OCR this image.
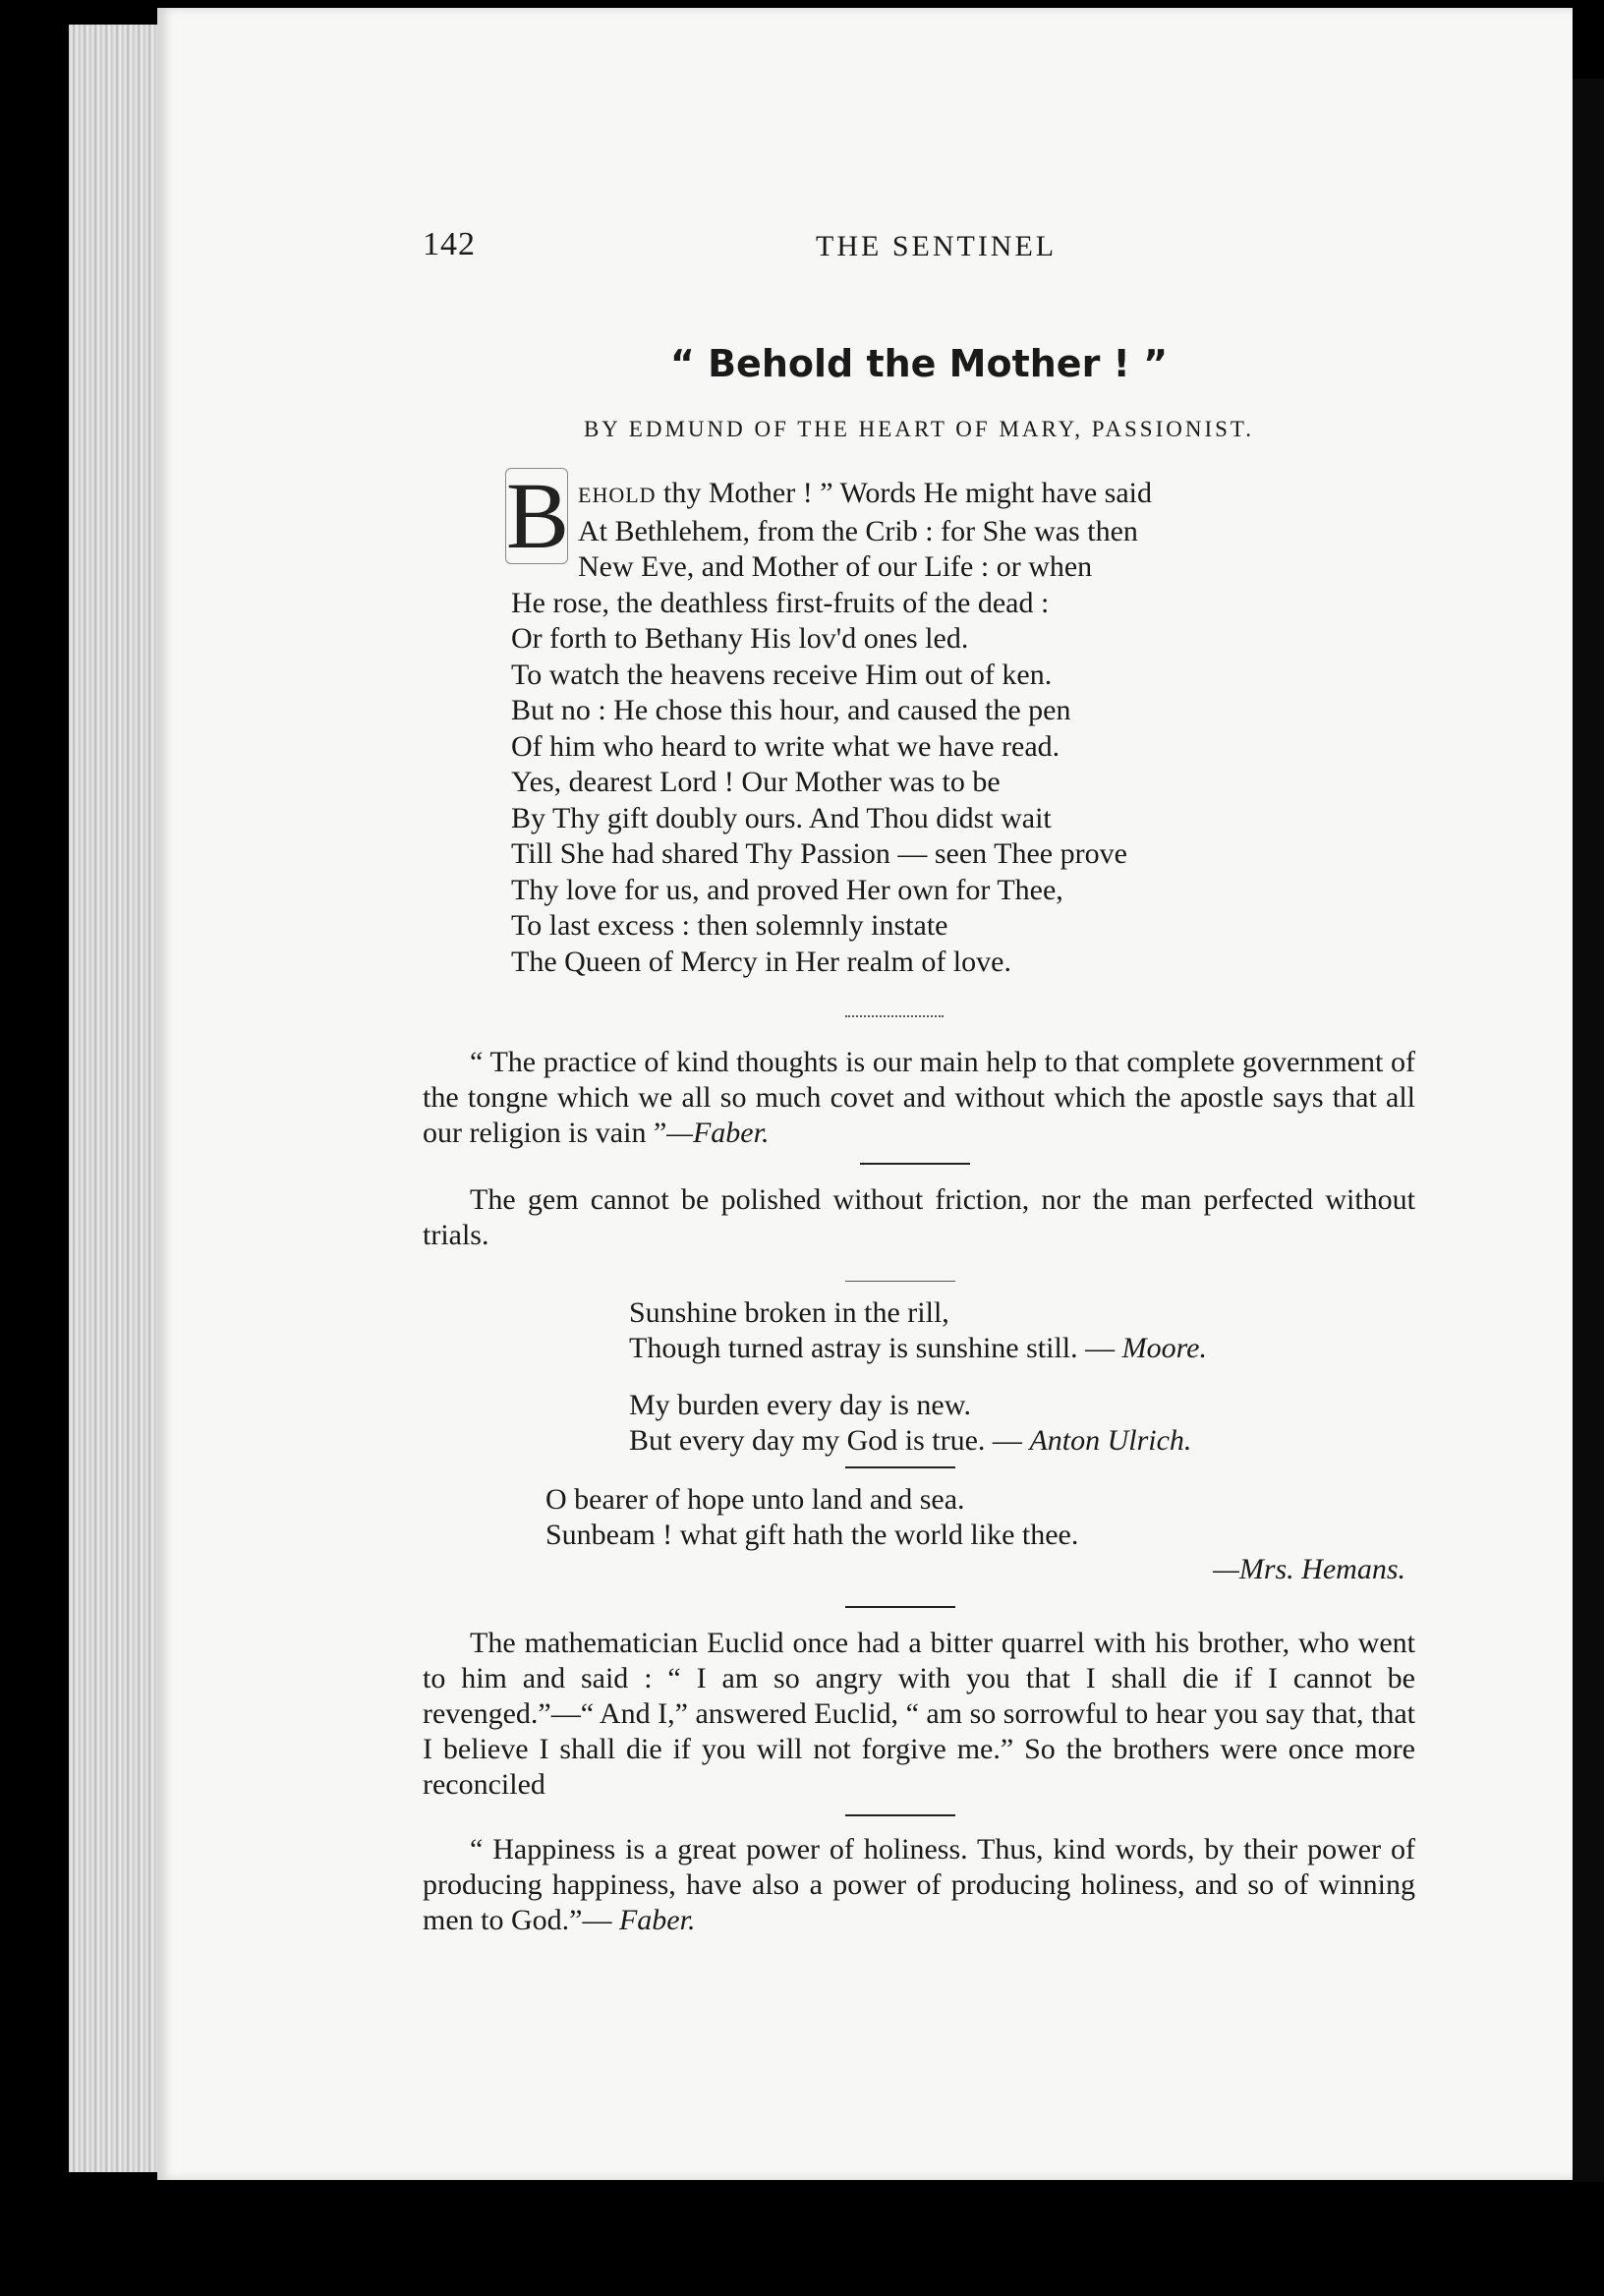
142	THE SENTINEL
“ Behold the Mother ! ”
BY EDMUND OF THE HEART OF MARY, PASSIONIST.
B EHOLD thy Mother ! ” Words He might have said
At Bethlehem, from the Crib : for She was then
New Eve, and Mother of our Life : or when
He rose, the deathless first-fruits of the dead :
Or forth to Bethany His lov'd ones led.
To watch the heavens receive Him out of ken.
But no : He chose this hour, and caused the pen
Of him who heard to write what we have read.
Yes, dearest Lord ! Our Mother was to be
By Thy gift doubly ours. And Thou didst wait
Till She had shared Thy Passion — seen Thee prove
Thy love for us, and proved Her own for Thee,
To last excess : then solemnly instate
The Queen of Mercy in Her realm of love.
“ The practice of kind thoughts is our main help to that complete government of the tongne which we all so much covet and without which the apostle says that all our religion is vain ”—Faber.
The gem cannot be polished without friction, nor the man perfected without trials.
Sunshine broken in the rill,
Though turned astray is sunshine still. — Moore.
My burden every day is new.
But every day my God is true. — Anton Ulrich.
O bearer of hope unto land and sea.
Sunbeam ! what gift hath the world like thee.
—Mrs. Hemans.
The mathematician Euclid once had a bitter quarrel with his brother, who went to him and said : “ I am so angry with you that I shall die if I cannot be revenged.”—“ And I,” answered Euclid, “ am so sorrowful to hear you say that, that I believe I shall die if you will not forgive me.” So the brothers were once more reconciled
“ Happiness is a great power of holiness. Thus, kind words, by their power of producing happiness, have also a power of producing holiness, and so of winning men to God.”— Faber.
